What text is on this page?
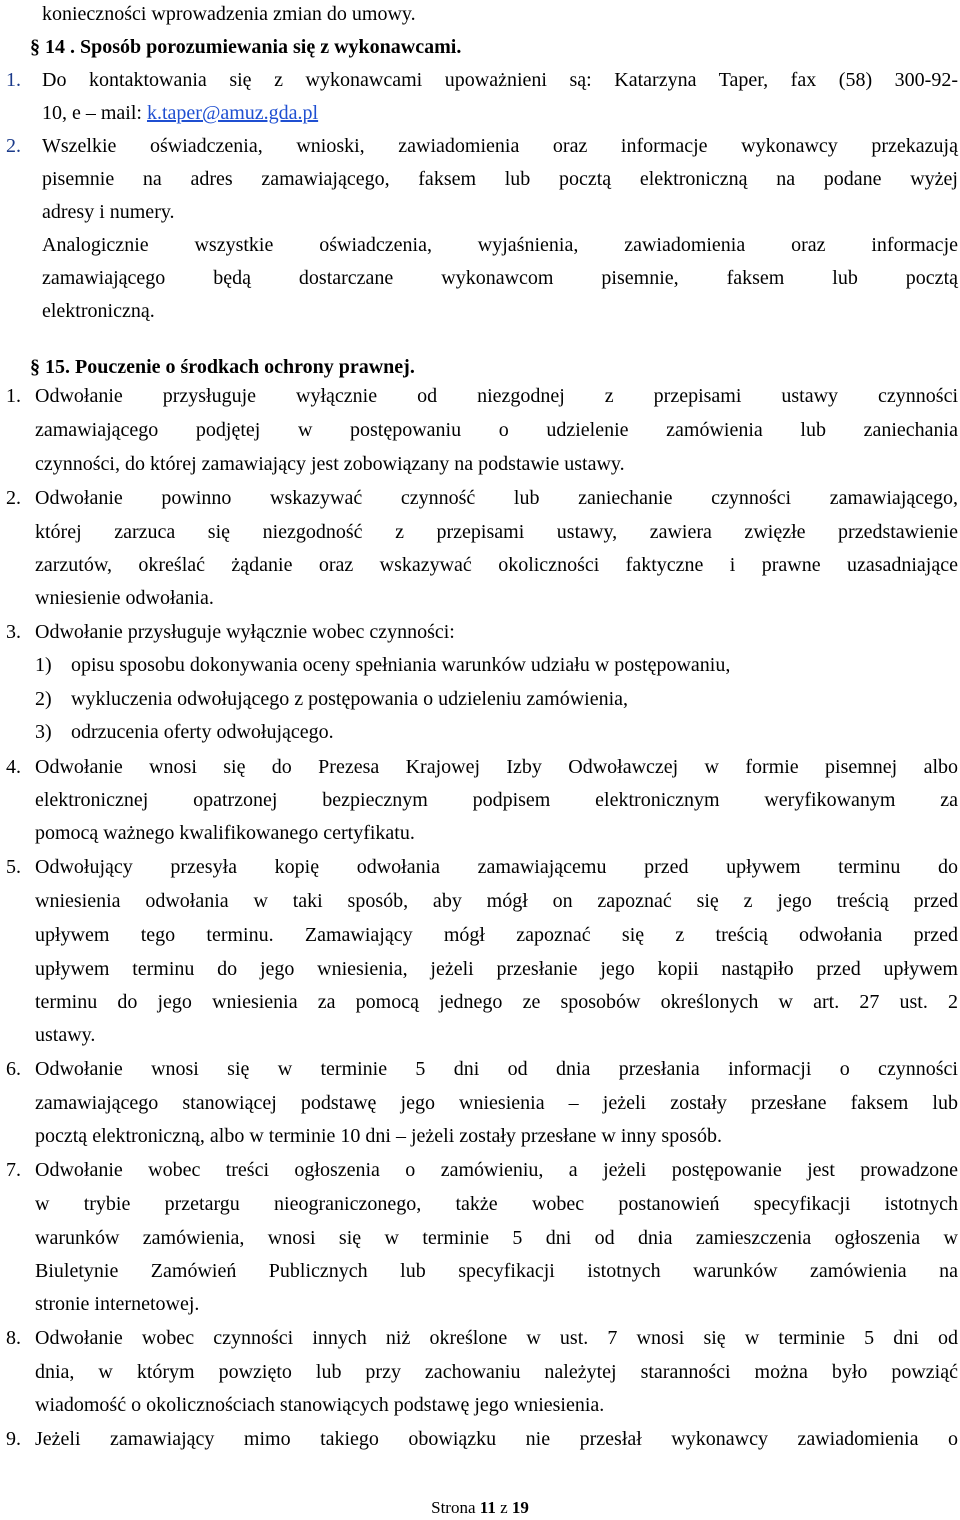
konieczności wprowadzenia zmian do umowy.
§ 14 . Sposób porozumiewania się z wykonawcami.
1. Do kontaktowania się z wykonawcami upoważnieni są: Katarzyna Taper, fax (58) 300-92-
10, e – mail: k.taper@amuz.gda.pl
2. Wszelkie oświadczenia, wnioski, zawiadomienia oraz informacje wykonawcy przekazują
pisemnie na adres zamawiającego, faksem lub pocztą elektroniczną na podane wyżej
adresy i numery.
Analogicznie wszystkie oświadczenia, wyjaśnienia, zawiadomienia oraz informacje
zamawiającego będą dostarczane wykonawcom pisemnie, faksem lub pocztą
elektroniczną.
§ 15. Pouczenie o środkach ochrony prawnej.
1. Odwołanie przysługuje wyłącznie od niezgodnej z przepisami ustawy czynności
zamawiającego podjętej w postępowaniu o udzielenie zamówienia lub zaniechania
czynności, do której zamawiający jest zobowiązany na podstawie ustawy.
2. Odwołanie powinno wskazywać czynność lub zaniechanie czynności zamawiającego,
której zarzuca się niezgodność z przepisami ustawy, zawiera zwięzłe przedstawienie
zarzutów, określać żądanie oraz wskazywać okoliczności faktyczne i prawne uzasadniające
wniesienie odwołania.
3. Odwołanie przysługuje wyłącznie wobec czynności:
1) opisu sposobu dokonywania oceny spełniania warunków udziału w postępowaniu,
2) wykluczenia odwołującego z postępowania o udzieleniu zamówienia,
3) odrzucenia oferty odwołującego.
4. Odwołanie wnosi się do Prezesa Krajowej Izby Odwoławczej w formie pisemnej albo
elektronicznej opatrzonej bezpiecznym podpisem elektronicznym weryfikowanym za
pomocą ważnego kwalifikowanego certyfikatu.
5. Odwołujący przesyła kopię odwołania zamawiającemu przed upływem terminu do
wniesienia odwołania w taki sposób, aby mógł on zapoznać się z jego treścią przed
upływem tego terminu. Zamawiający mógł zapoznać się z treścią odwołania przed
upływem terminu do jego wniesienia, jeżeli przesłanie jego kopii nastąpiło przed upływem
terminu do jego wniesienia za pomocą jednego ze sposobów określonych w art. 27 ust. 2
ustawy.
6. Odwołanie wnosi się w terminie 5 dni od dnia przesłania informacji o czynności
zamawiającego stanowiącej podstawę jego wniesienia – jeżeli zostały przesłane faksem lub
pocztą elektroniczną, albo w terminie 10 dni – jeżeli zostały przesłane w inny sposób.
7. Odwołanie wobec treści ogłoszenia o zamówieniu, a jeżeli postępowanie jest prowadzone
w trybie przetargu nieograniczonego, także wobec postanowień specyfikacji istotnych
warunków zamówienia, wnosi się w terminie 5 dni od dnia zamieszczenia ogłoszenia w
Biuletynie Zamówień Publicznych lub specyfikacji istotnych warunków zamówienia na
stronie internetowej.
8. Odwołanie wobec czynności innych niż określone w ust. 7 wnosi się w terminie 5 dni od
dnia, w którym powzięto lub przy zachowaniu należytej staranności można było powziąć
wiadomość o okolicznościach stanowiących podstawę jego wniesienia.
9. Jeżeli zamawiający mimo takiego obowiązku nie przesłał wykonawcy zawiadomienia o
Strona 11 z 19
